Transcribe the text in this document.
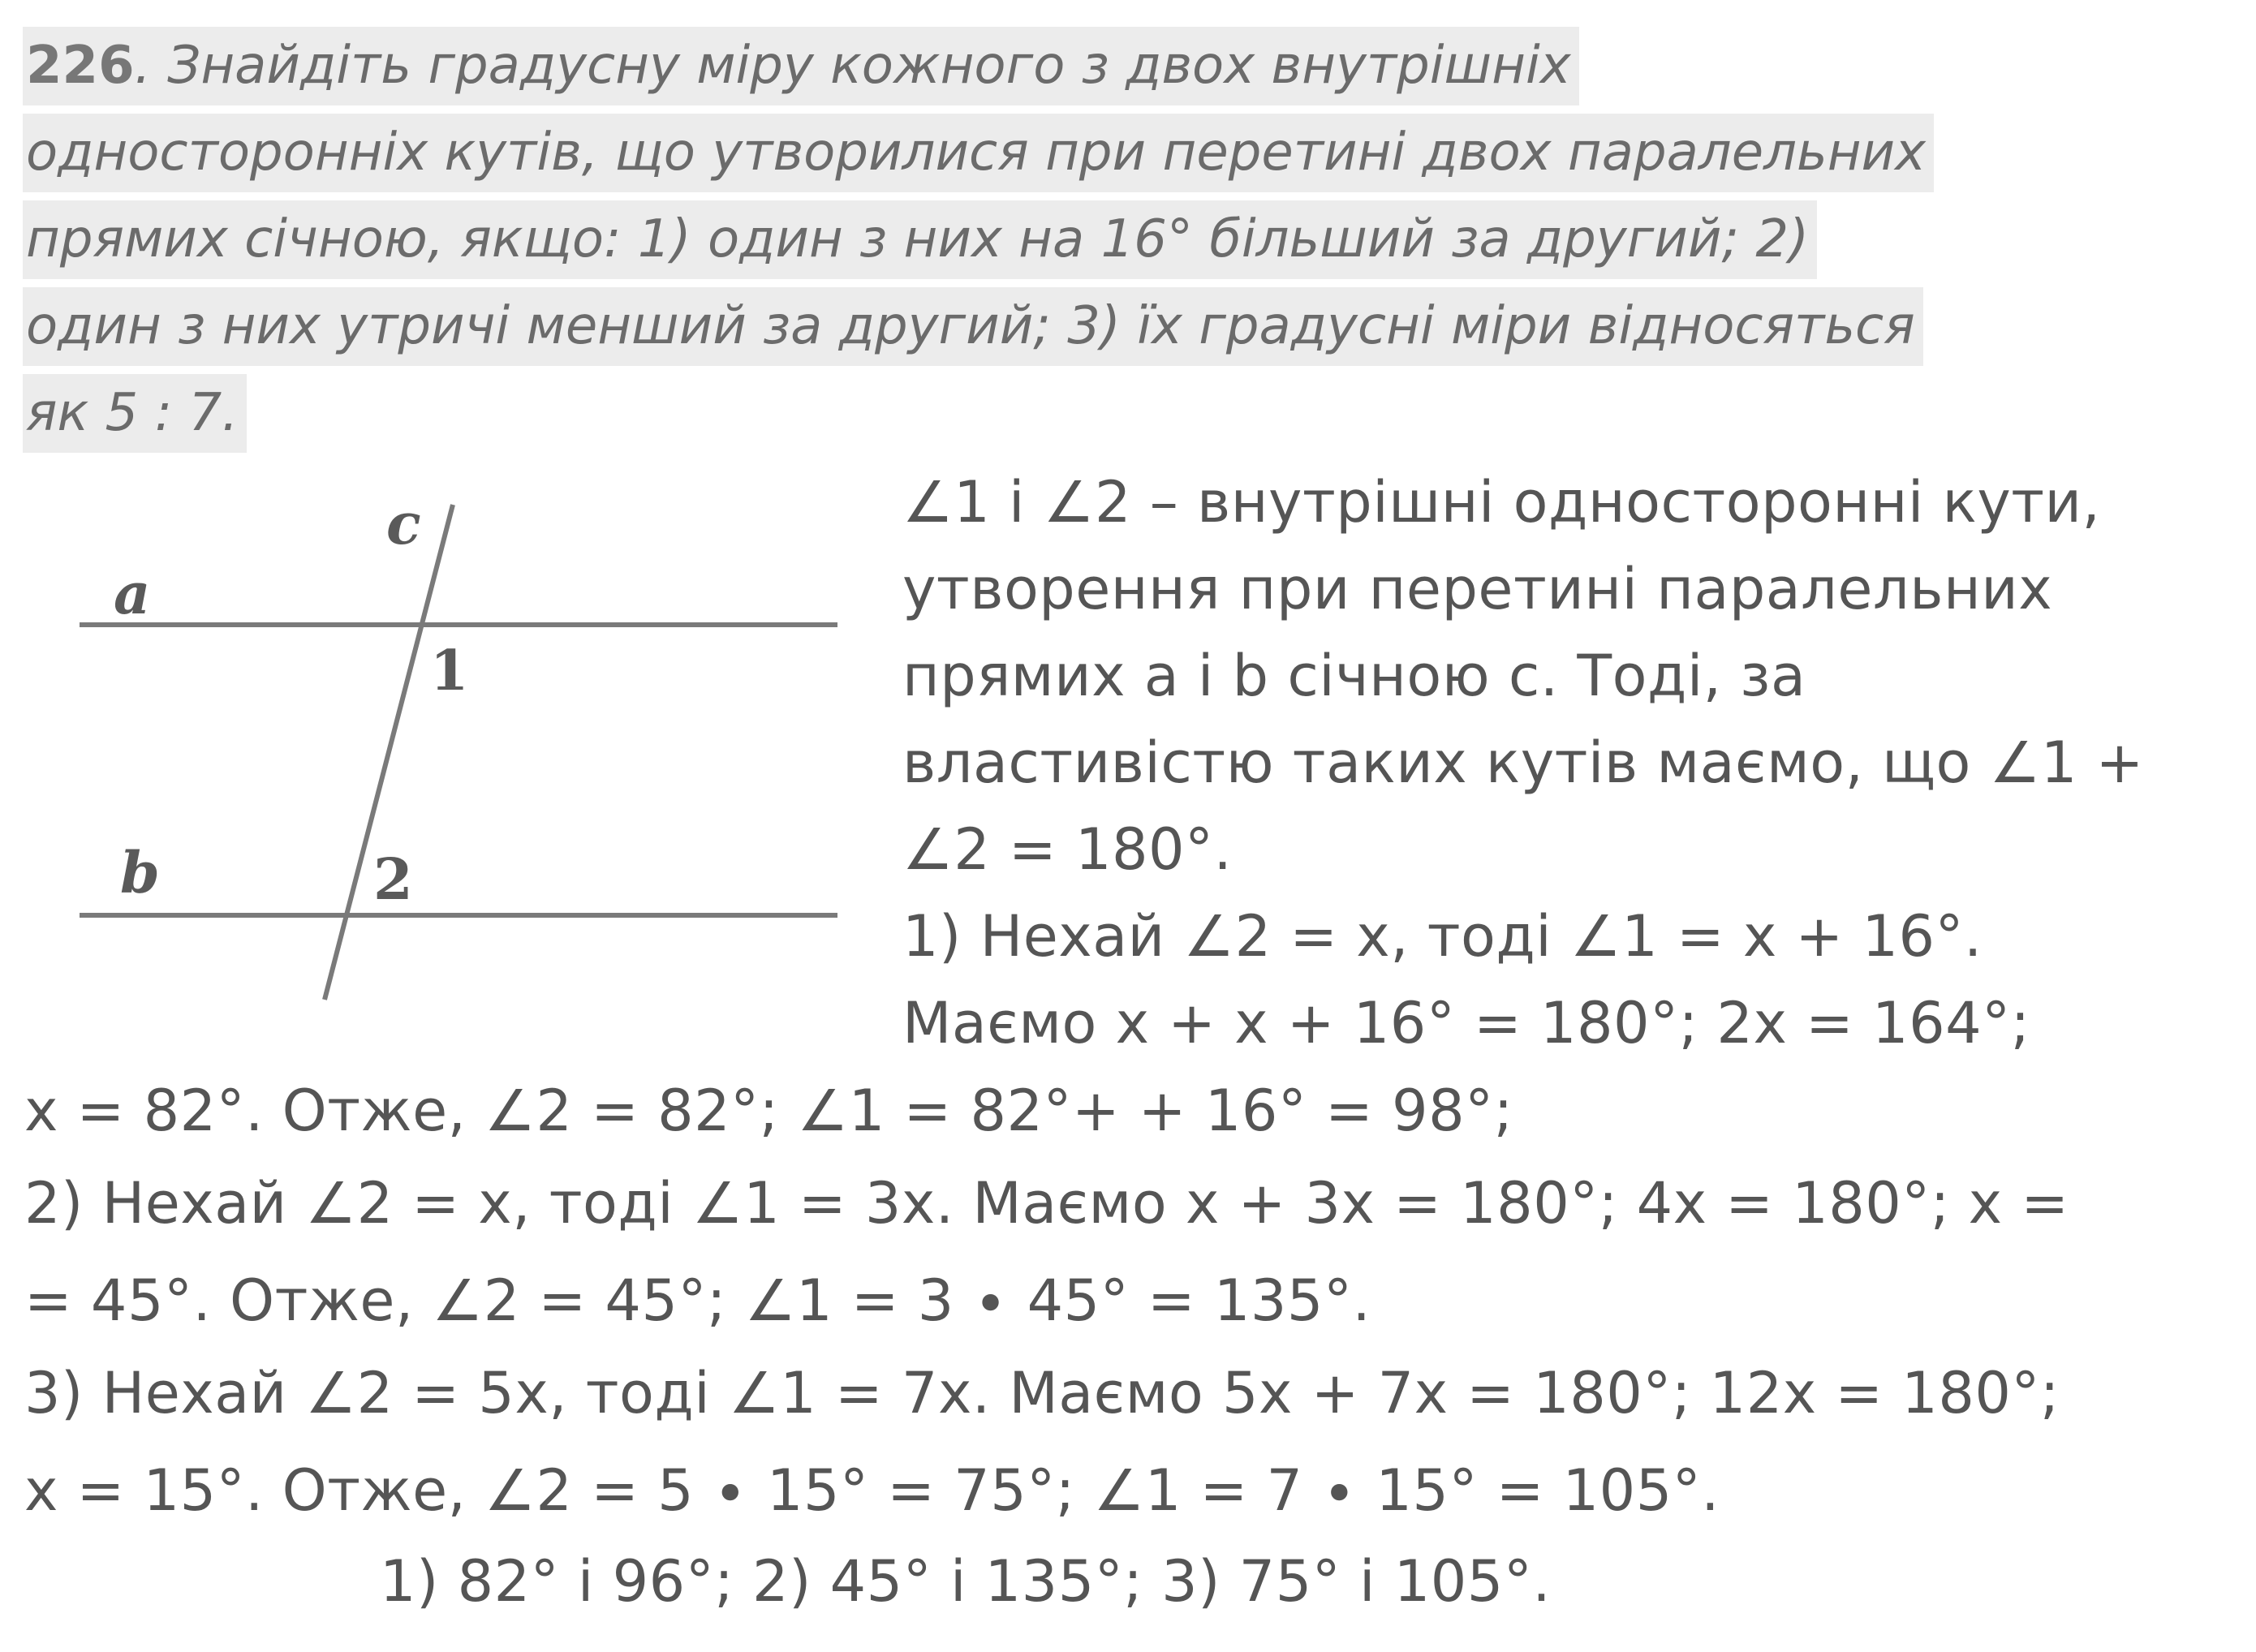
226. Знайдіть градусну міру кожного з двох внутрішніх
односторонніх кутів, що утворилися при перетині двох паралельних
прямих січною, якщо: 1) один з них на 16° більший за другий; 2)
один з них утричі менший за другий; 3) їх градусні міри відносяться
як 5 : 7.
a
b
c
1
2
∠1 і ∠2 – внутрішні односторонні кути,
утворення при перетині паралельних
прямих a і b січною c. Тоді, за
властивістю таких кутів маємо, що ∠1 +
∠2 = 180°.
1) Нехай ∠2 = x, тоді ∠1 = x + 16°.
Маємо x + x + 16° = 180°; 2x = 164°;
x = 82°. Отже, ∠2 = 82°; ∠1 = 82°+ + 16° = 98°;
2) Нехай ∠2 = x, тоді ∠1 = 3x. Маємо x + 3x = 180°; 4x = 180°; x =
= 45°. Отже, ∠2 = 45°; ∠1 = 3 ∙ 45° = 135°.
3) Нехай ∠2 = 5x, тоді ∠1 = 7x. Маємо 5x + 7x = 180°; 12x = 180°;
x = 15°. Отже, ∠2 = 5 ∙ 15° = 75°; ∠1 = 7 ∙ 15° = 105°.
1) 82° і 96°; 2) 45° і 135°; 3) 75° і 105°.
